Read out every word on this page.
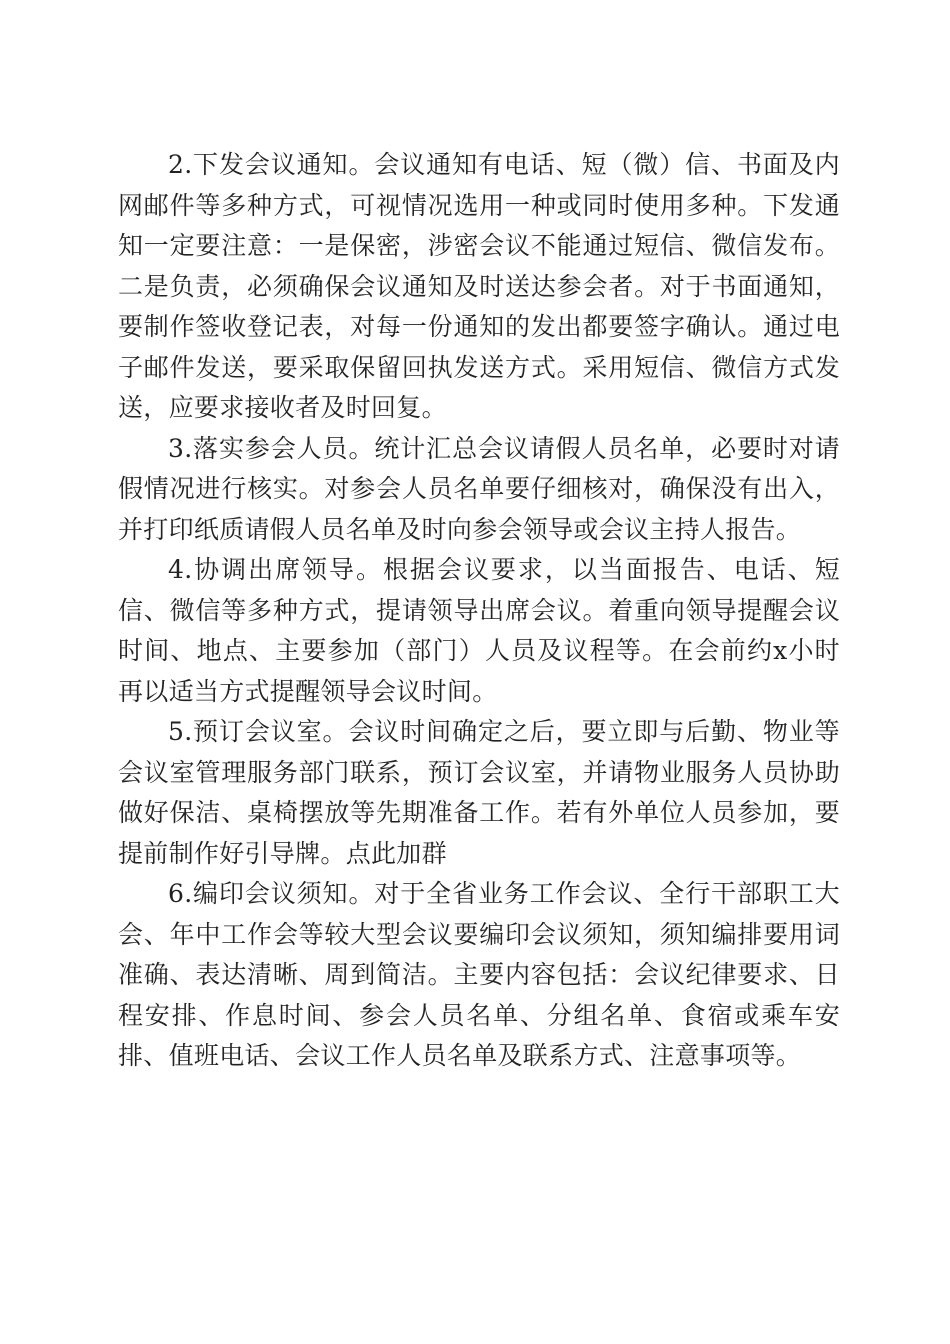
2.下发会议通知。会议通知有电话、短（微）信、书面及内网邮件等多种方式，可视情况选用一种或同时使用多种。下发通知一定要注意：一是保密，涉密会议不能通过短信、微信发布。二是负责，必须确保会议通知及时送达参会者。对于书面通知，要制作签收登记表，对每一份通知的发出都要签字确认。通过电子邮件发送，要采取保留回执发送方式。采用短信、微信方式发送，应要求接收者及时回复。

3.落实参会人员。统计汇总会议请假人员名单，必要时对请假情况进行核实。对参会人员名单要仔细核对，确保没有出入，并打印纸质请假人员名单及时向参会领导或会议主持人报告。

4.协调出席领导。根据会议要求，以当面报告、电话、短信、微信等多种方式，提请领导出席会议。着重向领导提醒会议时间、地点、主要参加（部门）人员及议程等。在会前约x小时再以适当方式提醒领导会议时间。

5.预订会议室。会议时间确定之后，要立即与后勤、物业等会议室管理服务部门联系，预订会议室，并请物业服务人员协助做好保洁、桌椅摆放等先期准备工作。若有外单位人员参加，要提前制作好引导牌。点此加群

6.编印会议须知。对于全省业务工作会议、全行干部职工大会、年中工作会等较大型会议要编印会议须知，须知编排要用词准确、表达清晰、周到简洁。主要内容包括：会议纪律要求、日程安排、作息时间、参会人员名单、分组名单、食宿或乘车安排、值班电话、会议工作人员名单及联系方式、注意事项等。
